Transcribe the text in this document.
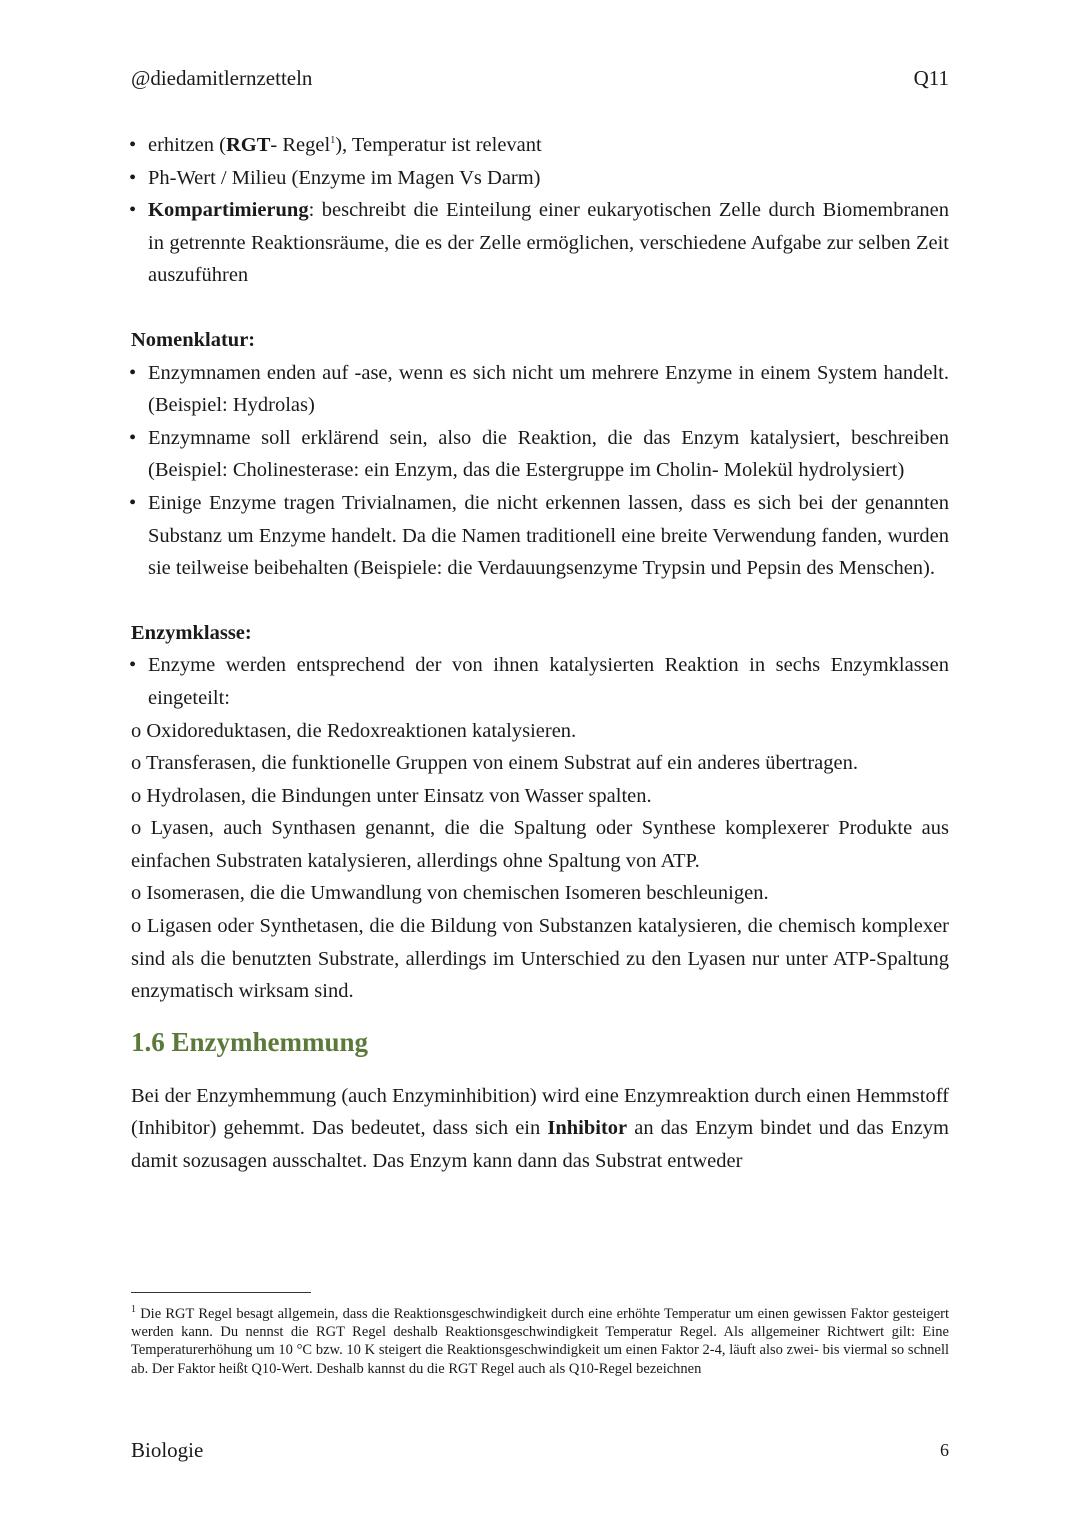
@diedamitlernzetteln	Q11
• erhitzen (RGT- Regel$^1$), Temperatur ist relevant
• Ph-Wert / Milieu (Enzyme im Magen Vs Darm)
• Kompartimierung: beschreibt die Einteilung einer eukaryotischen Zelle durch Biomembranen in getrennte Reaktionsräume, die es der Zelle ermöglichen, verschiedene Aufgabe zur selben Zeit auszuführen

Nomenklatur:

• Enzymnamen enden auf -ase, wenn es sich nicht um mehrere Enzyme in einem System handelt. (Beispiel: Hydrolas)
• Enzymname soll erklärend sein, also die Reaktion, die das Enzym katalysiert, beschreiben (Beispiel: Cholinesterase: ein Enzym, das die Estergruppe im Cholin- Molekül hydrolysiert)
• Einige Enzyme tragen Trivialnamen, die nicht erkennen lassen, dass es sich bei der genannten Substanz um Enzyme handelt. Da die Namen traditionell eine breite Verwendung fanden, wurden sie teilweise beibehalten (Beispiele: die Verdauungsenzyme Trypsin und Pepsin des Menschen).

Enzymklasse:

• Enzyme werden entsprechend der von ihnen katalysierten Reaktion in sechs Enzymklassen eingeteilt:

o Oxidoreduktasen, die Redoxreaktionen katalysieren.

o Transferasen, die funktionelle Gruppen von einem Substrat auf ein anderes übertragen.

o Hydrolasen, die Bindungen unter Einsatz von Wasser spalten.

o Lyasen, auch Synthasen genannt, die die Spaltung oder Synthese komplexerer Produkte aus einfachen Substraten katalysieren, allerdings ohne Spaltung von ATP.

o Isomerasen, die die Umwandlung von chemischen Isomeren beschleunigen.

o Ligasen oder Synthetasen, die die Bildung von Substanzen katalysieren, die chemisch komplexer sind als die benutzten Substrate, allerdings im Unterschied zu den Lyasen nur unter ATP-Spaltung enzymatisch wirksam sind.

1.6 Enzymhemmung

Bei der Enzymhemmung (auch Enzyminhibition) wird eine Enzymreaktion durch einen Hemmstoff (Inhibitor) gehemmt. Das bedeutet, dass sich ein Inhibitor an das Enzym bindet und das Enzym damit sozusagen ausschaltet. Das Enzym kann dann das Substrat entweder

$^1$ Die RGT Regel besagt allgemein, dass die Reaktionsgeschwindigkeit durch eine erhöhte Temperatur um einen gewissen Faktor gesteigert werden kann. Du nennst die RGT Regel deshalb Reaktionsgeschwindigkeit Temperatur Regel. Als allgemeiner Richtwert gilt: Eine Temperaturerhöhung um 10 °C bzw. 10 K steigert die Reaktionsgeschwindigkeit um einen Faktor 2-4, läuft also zwei- bis viermal so schnell ab. Der Faktor heißt Q10-Wert. Deshalb kannst du die RGT Regel auch als Q10-Regel bezeichnen
Biologie	6
